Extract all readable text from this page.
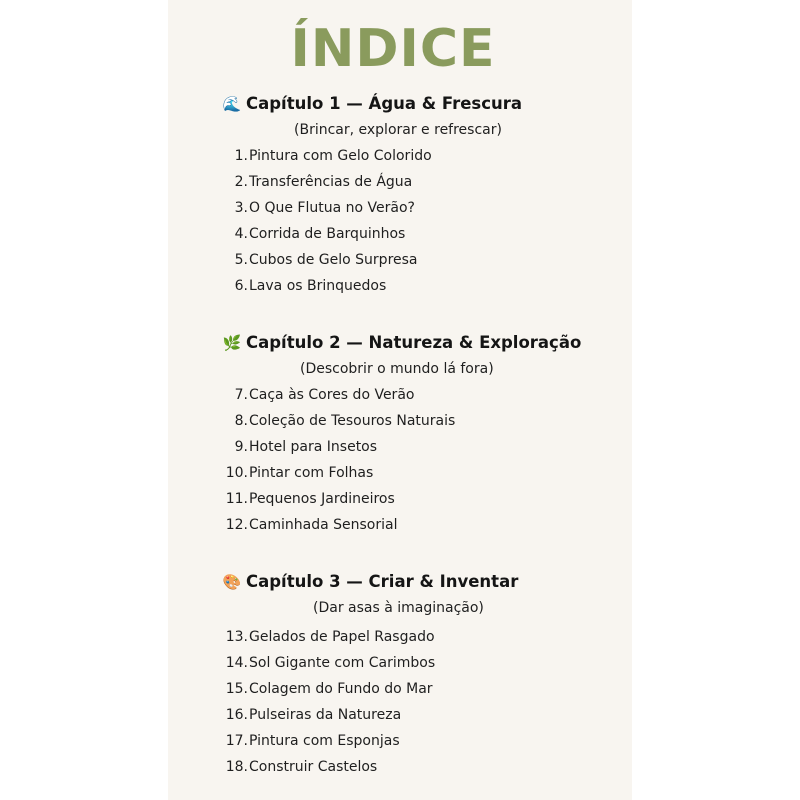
ÍNDICE
🌊 Capítulo 1 — Água & Frescura
(Brincar, explorar e refrescar)
1. Pintura com Gelo Colorido
2. Transferências de Água
3. O Que Flutua no Verão?
4. Corrida de Barquinhos
5. Cubos de Gelo Surpresa
6. Lava os Brinquedos
🌿 Capítulo 2 — Natureza & Exploração
(Descobrir o mundo lá fora)
7. Caça às Cores do Verão
8. Coleção de Tesouros Naturais
9. Hotel para Insetos
10. Pintar com Folhas
11. Pequenos Jardineiros
12. Caminhada Sensorial
🎨 Capítulo 3 — Criar & Inventar
(Dar asas à imaginação)
13. Gelados de Papel Rasgado
14. Sol Gigante com Carimbos
15. Colagem do Fundo do Mar
16. Pulseiras da Natureza
17. Pintura com Esponjas
18. Construir Castelos
